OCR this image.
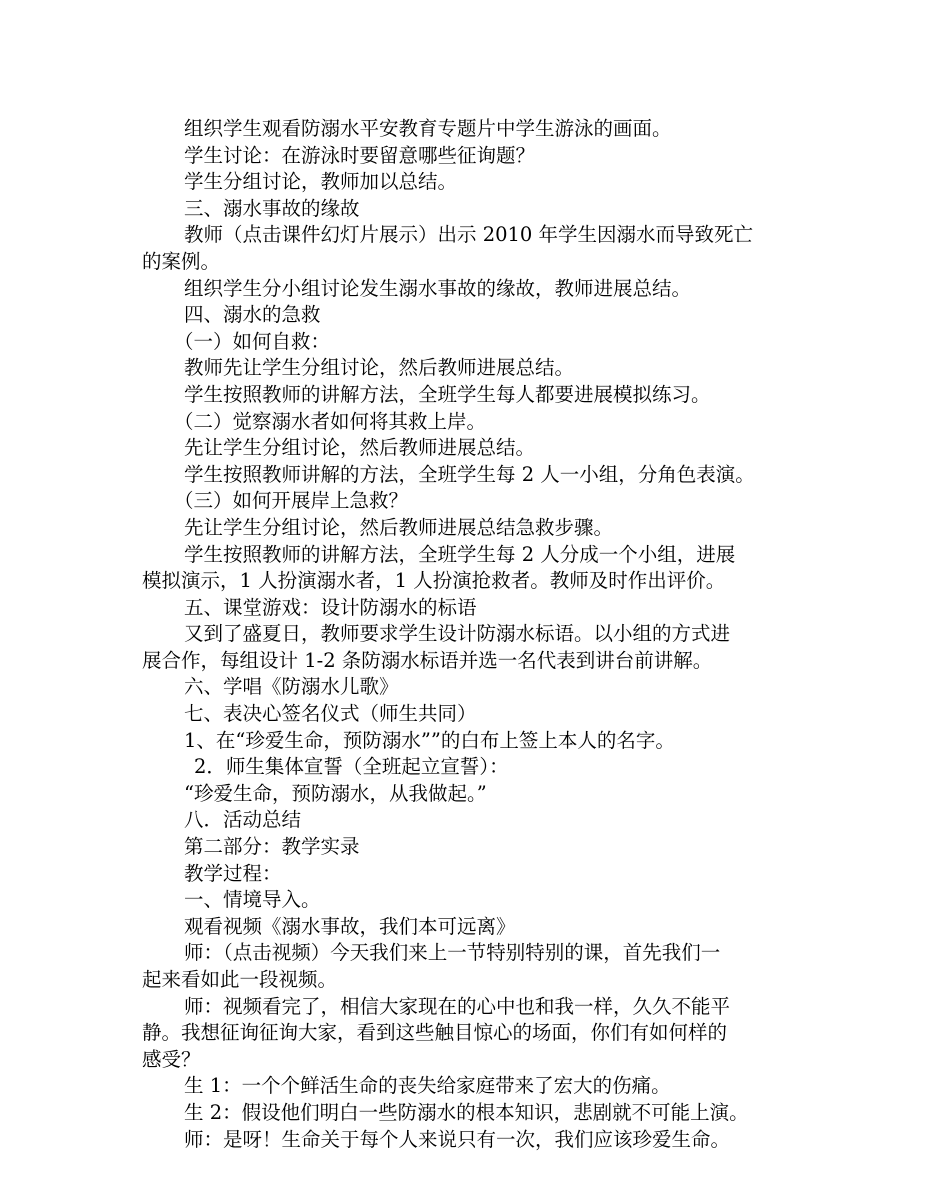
组织学生观看防溺水平安教育专题片中学生游泳的画面。

学生讨论：在游泳时要留意哪些征询题？

学生分组讨论，教师加以总结。

三、溺水事故的缘故

教师（点击课件幻灯片展示）出示 2010 年学生因溺水而导致死亡

的案例。

组织学生分小组讨论发生溺水事故的缘故，教师进展总结。

四、溺水的急救

（一）如何自救：

教师先让学生分组讨论，然后教师进展总结。

学生按照教师的讲解方法，全班学生每人都要进展模拟练习。

（二）觉察溺水者如何将其救上岸。

先让学生分组讨论，然后教师进展总结。

学生按照教师讲解的方法，全班学生每 2 人一小组，分角色表演。

（三）如何开展岸上急救？

先让学生分组讨论，然后教师进展总结急救步骤。

学生按照教师的讲解方法，全班学生每 2 人分成一个小组，进展

模拟演示，1 人扮演溺水者，1 人扮演抢救者。教师及时作出评价。

五、课堂游戏：设计防溺水的标语

又到了盛夏日，教师要求学生设计防溺水标语。以小组的方式进

展合作，每组设计 1-2 条防溺水标语并选一名代表到讲台前讲解。

六、学唱《防溺水儿歌》

七、表决心签名仪式（师生共同）

1、在“珍爱生命，预防溺水””的白布上签上本人的名字。

2．师生集体宣誓（全班起立宣誓）：

“珍爱生命，预防溺水，从我做起。”

八．活动总结

第二部分：教学实录

教学过程：

一、情境导入。

观看视频《溺水事故，我们本可远离》

师：（点击视频）今天我们来上一节特别特别的课，首先我们一

起来看如此一段视频。

师：视频看完了，相信大家现在的心中也和我一样，久久不能平

静。我想征询征询大家，看到这些触目惊心的场面，你们有如何样的

感受？

生 1：一个个鲜活生命的丧失给家庭带来了宏大的伤痛。

生 2：假设他们明白一些防溺水的根本知识，悲剧就不可能上演。

师：是呀！生命关于每个人来说只有一次，我们应该珍爱生命。
